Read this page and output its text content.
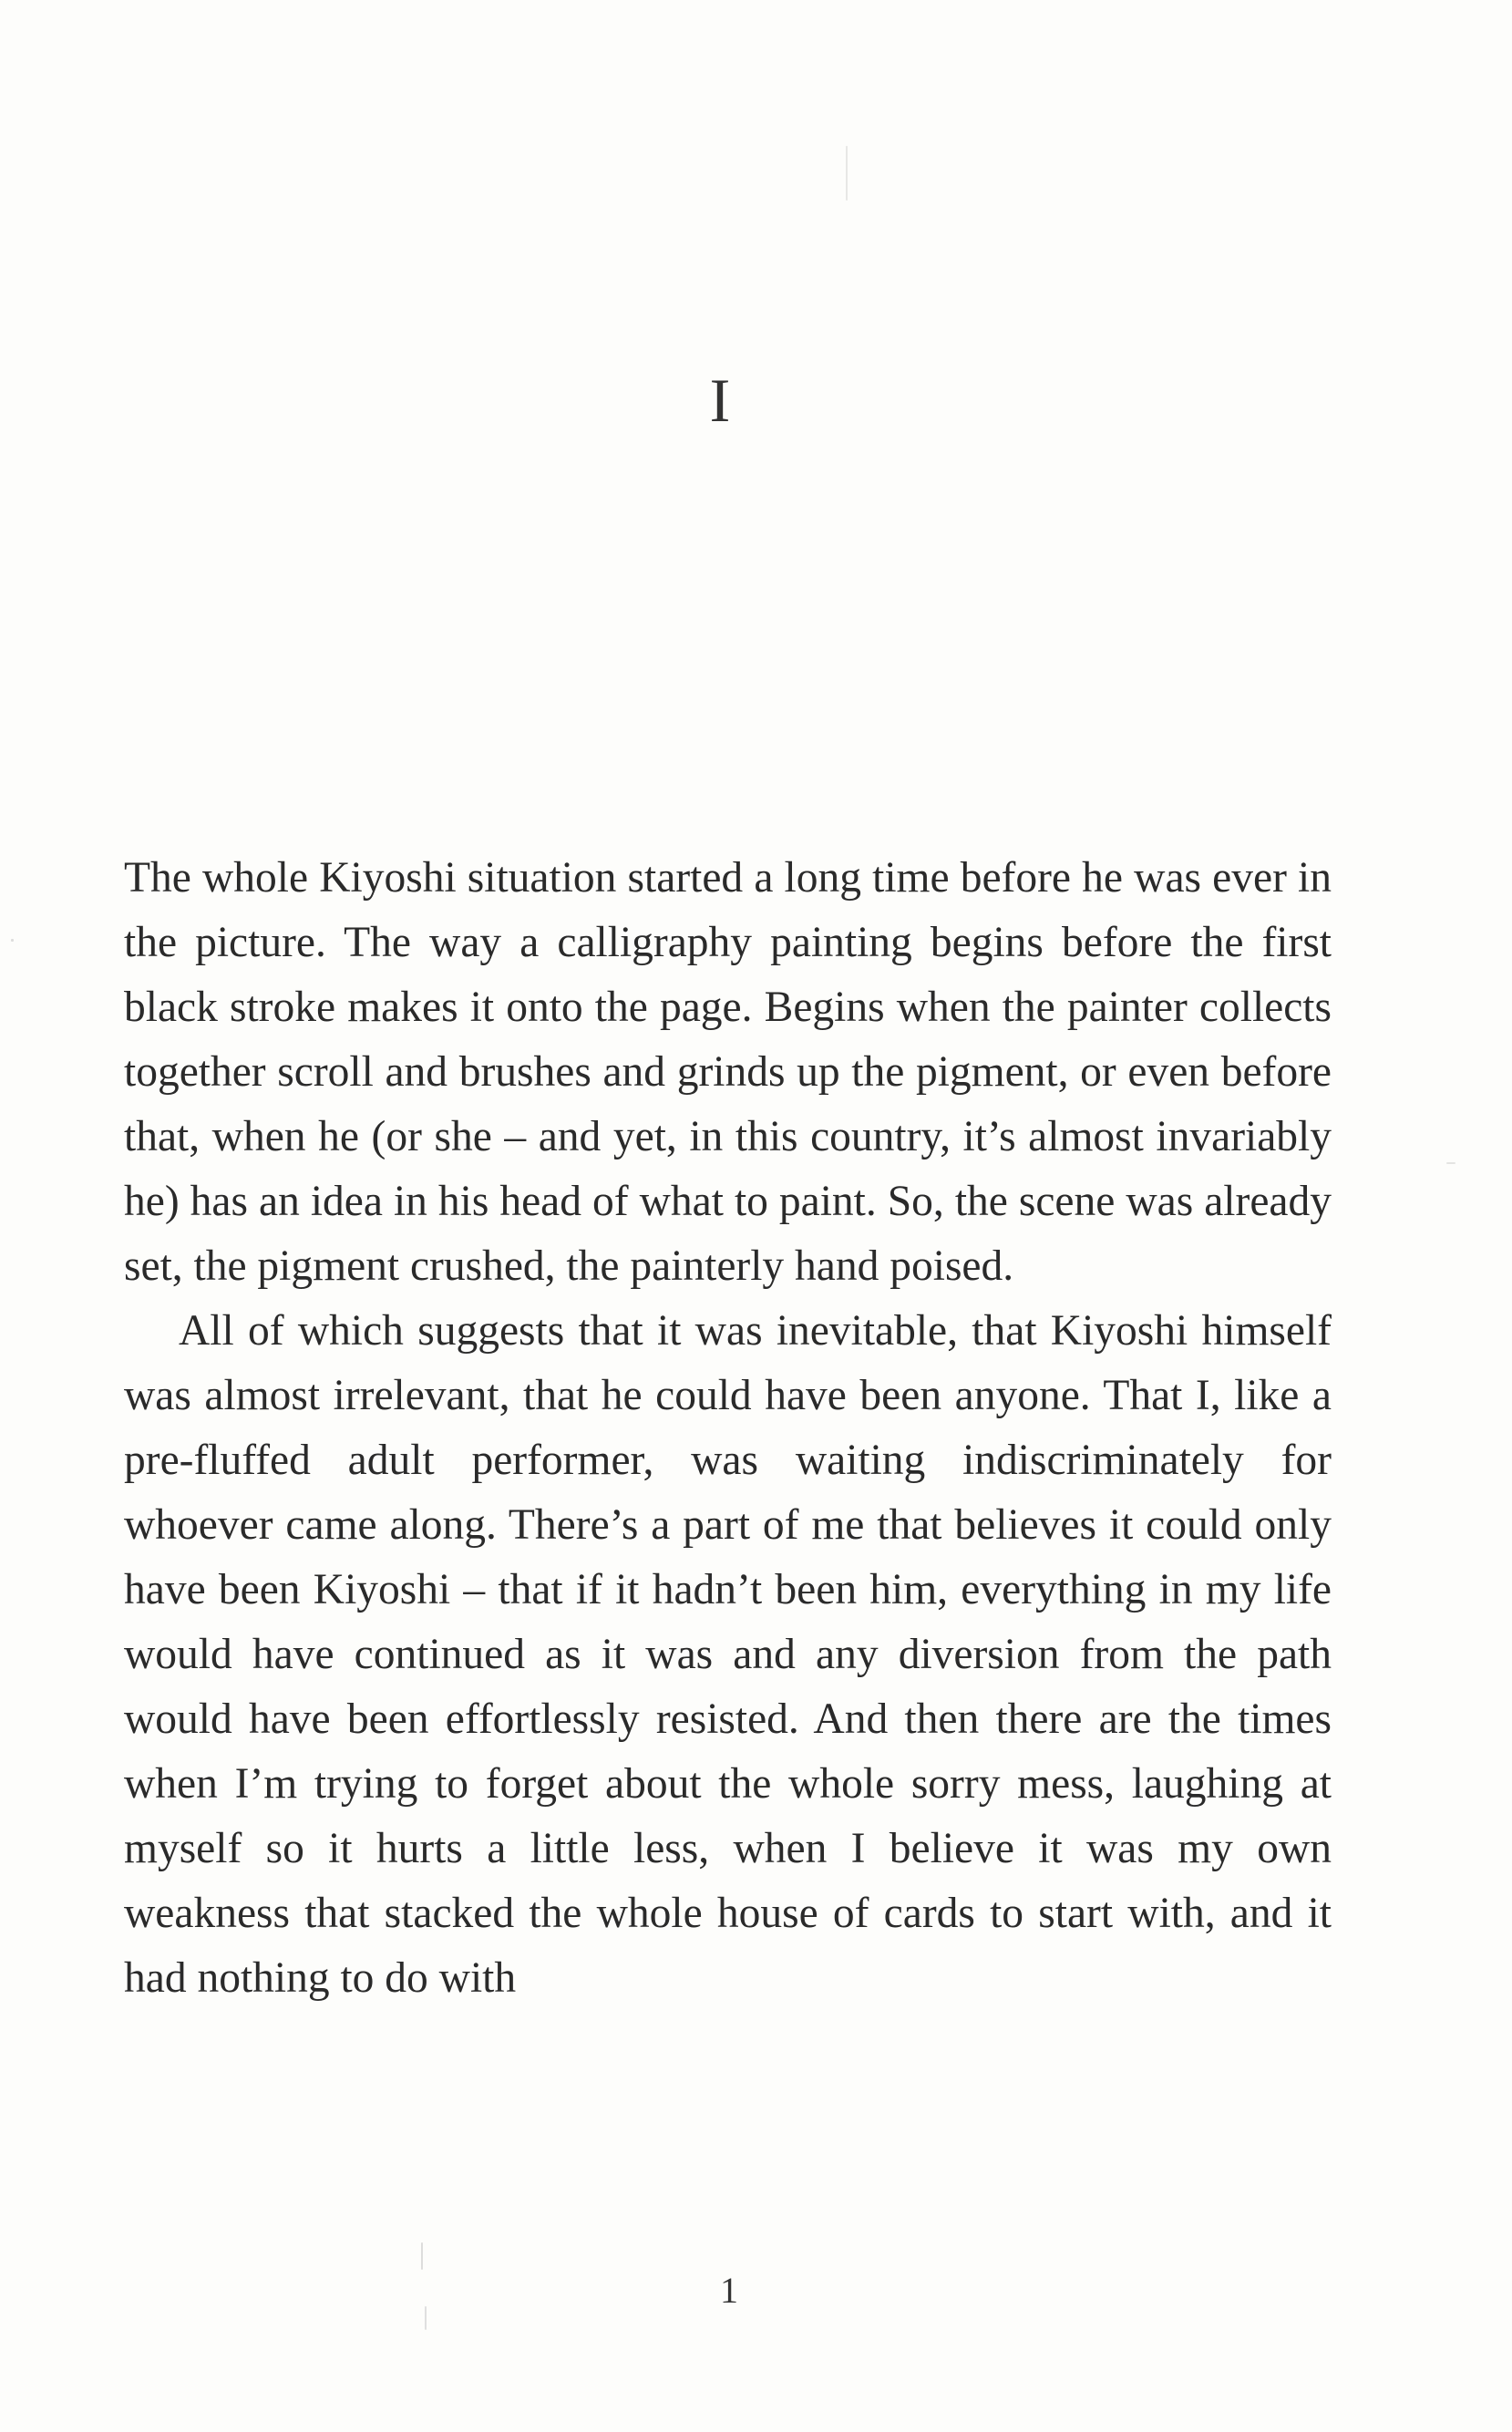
I

The whole Kiyoshi situation started a long time before he was ever in the picture. The way a calligraphy painting begins before the first black stroke makes it onto the page. Begins when the painter collects together scroll and brushes and grinds up the pigment, or even before that, when he (or she – and yet, in this country, it’s almost invariably he) has an idea in his head of what to paint. So, the scene was already set, the pigment crushed, the painterly hand poised.

All of which suggests that it was inevitable, that Kiyoshi himself was almost irrelevant, that he could have been anyone. That I, like a pre-fluffed adult performer, was waiting indiscriminately for whoever came along. There’s a part of me that believes it could only have been Kiyoshi – that if it hadn’t been him, everything in my life would have continued as it was and any diversion from the path would have been effortlessly resisted. And then there are the times when I’m trying to forget about the whole sorry mess, laughing at myself so it hurts a little less, when I believe it was my own weakness that stacked the whole house of cards to start with, and it had nothing to do with

1
